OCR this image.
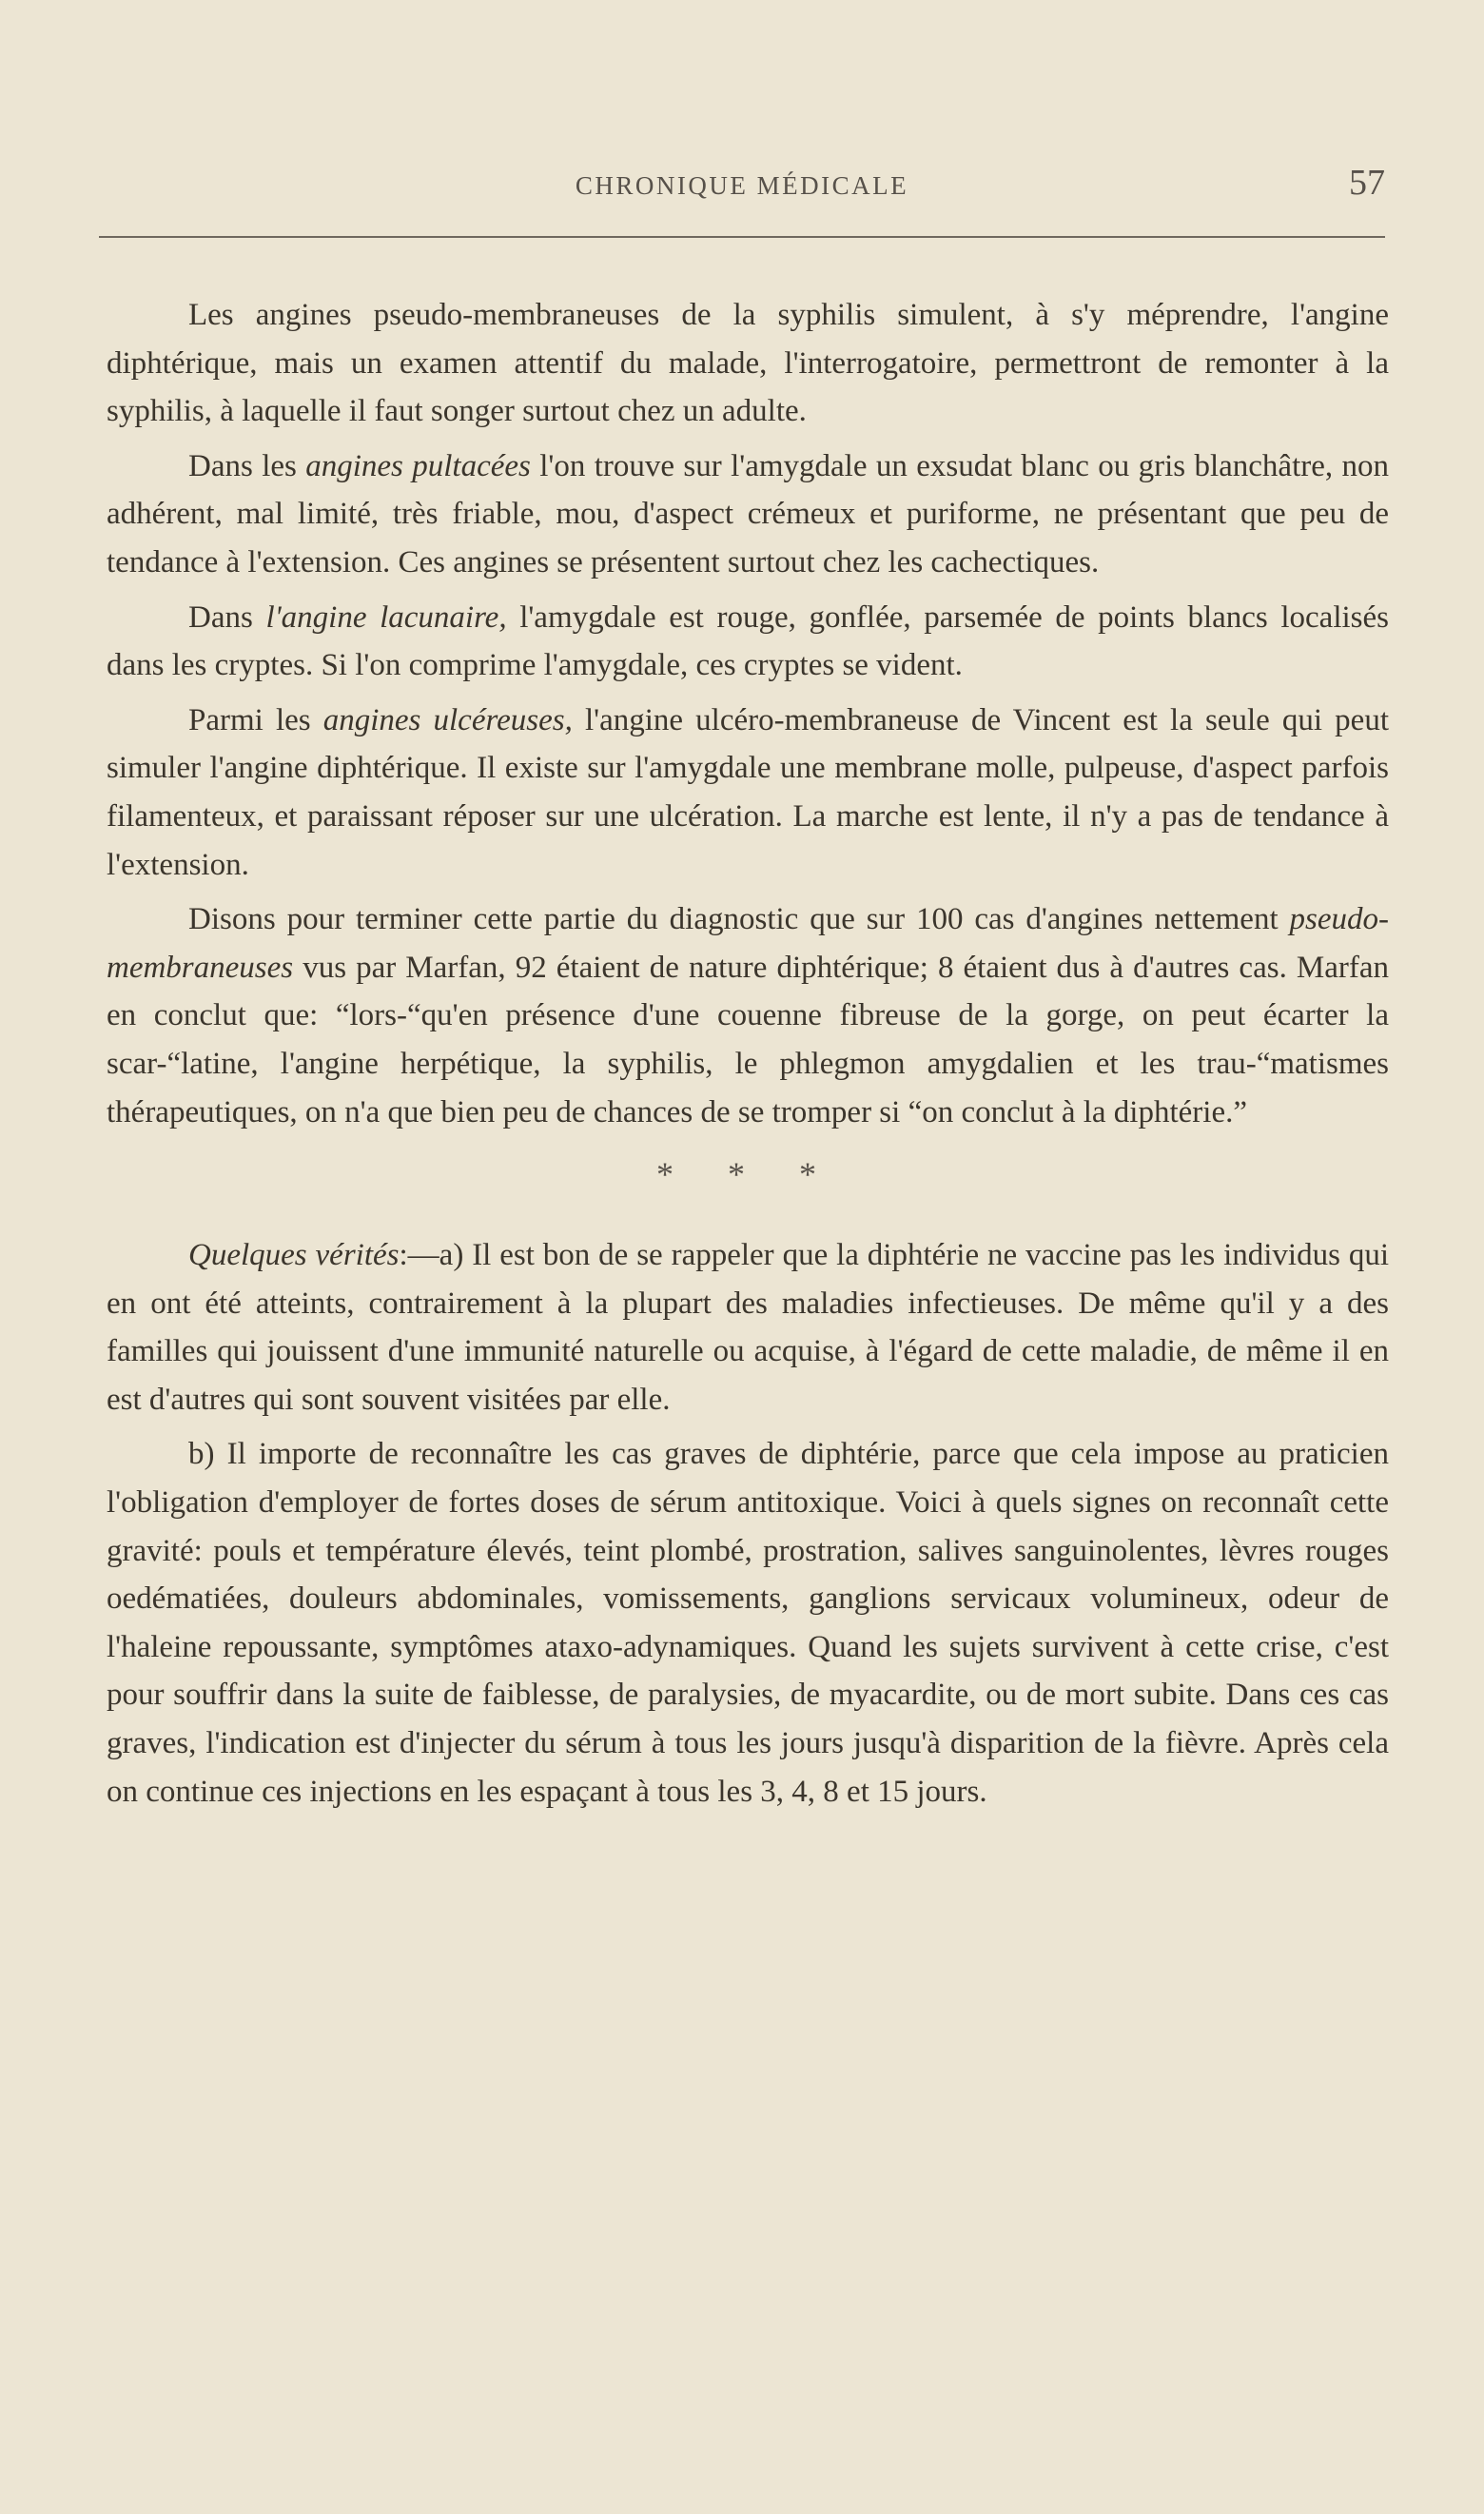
CHRONIQUE MÉDICALE	57

Les angines pseudo-membraneuses de la syphilis simulent, à s'y méprendre, l'angine diphtérique, mais un examen attentif du malade, l'interrogatoire, permettront de remonter à la syphilis, à laquelle il faut songer surtout chez un adulte.

Dans les angines pultacées l'on trouve sur l'amygdale un exsudat blanc ou gris blanchâtre, non adhérent, mal limité, très friable, mou, d'aspect crémeux et puriforme, ne présentant que peu de tendance à l'extension. Ces angines se présentent surtout chez les cachectiques.

Dans l'angine lacunaire, l'amygdale est rouge, gonflée, parsemée de points blancs localisés dans les cryptes. Si l'on comprime l'amygdale, ces cryptes se vident.

Parmi les angines ulcéreuses, l'angine ulcéro-membraneuse de Vincent est la seule qui peut simuler l'angine diphtérique. Il existe sur l'amygdale une membrane molle, pulpeuse, d'aspect parfois filamenteux, et paraissant réposer sur une ulcération. La marche est lente, il n'y a pas de tendance à l'extension.

Disons pour terminer cette partie du diagnostic que sur 100 cas d'angines nettement pseudo-membraneuses vus par Marfan, 92 étaient de nature diphtérique; 8 étaient dus à d'autres cas. Marfan en conclut que: “lors-“qu'en présence d'une couenne fibreuse de la gorge, on peut écarter la scar-“latine, l'angine herpétique, la syphilis, le phlegmon amygdalien et les trau-“matismes thérapeutiques, on n'a que bien peu de chances de se tromper si “on conclut à la diphtérie.”

* * *

Quelques vérités:—a) Il est bon de se rappeler que la diphtérie ne vaccine pas les individus qui en ont été atteints, contrairement à la plupart des maladies infectieuses. De même qu'il y a des familles qui jouissent d'une immunité naturelle ou acquise, à l'égard de cette maladie, de même il en est d'autres qui sont souvent visitées par elle.

b) Il importe de reconnaître les cas graves de diphtérie, parce que cela impose au praticien l'obligation d'employer de fortes doses de sérum antitoxique. Voici à quels signes on reconnaît cette gravité: pouls et température élevés, teint plombé, prostration, salives sanguinolentes, lèvres rouges oedématiées, douleurs abdominales, vomissements, ganglions servicaux volumineux, odeur de l'haleine repoussante, symptômes ataxo-adynamiques. Quand les sujets survivent à cette crise, c'est pour souffrir dans la suite de faiblesse, de paralysies, de myacardite, ou de mort subite. Dans ces cas graves, l'indication est d'injecter du sérum à tous les jours jusqu'à disparition de la fièvre. Après cela on continue ces injections en les espaçant à tous les 3, 4, 8 et 15 jours.
